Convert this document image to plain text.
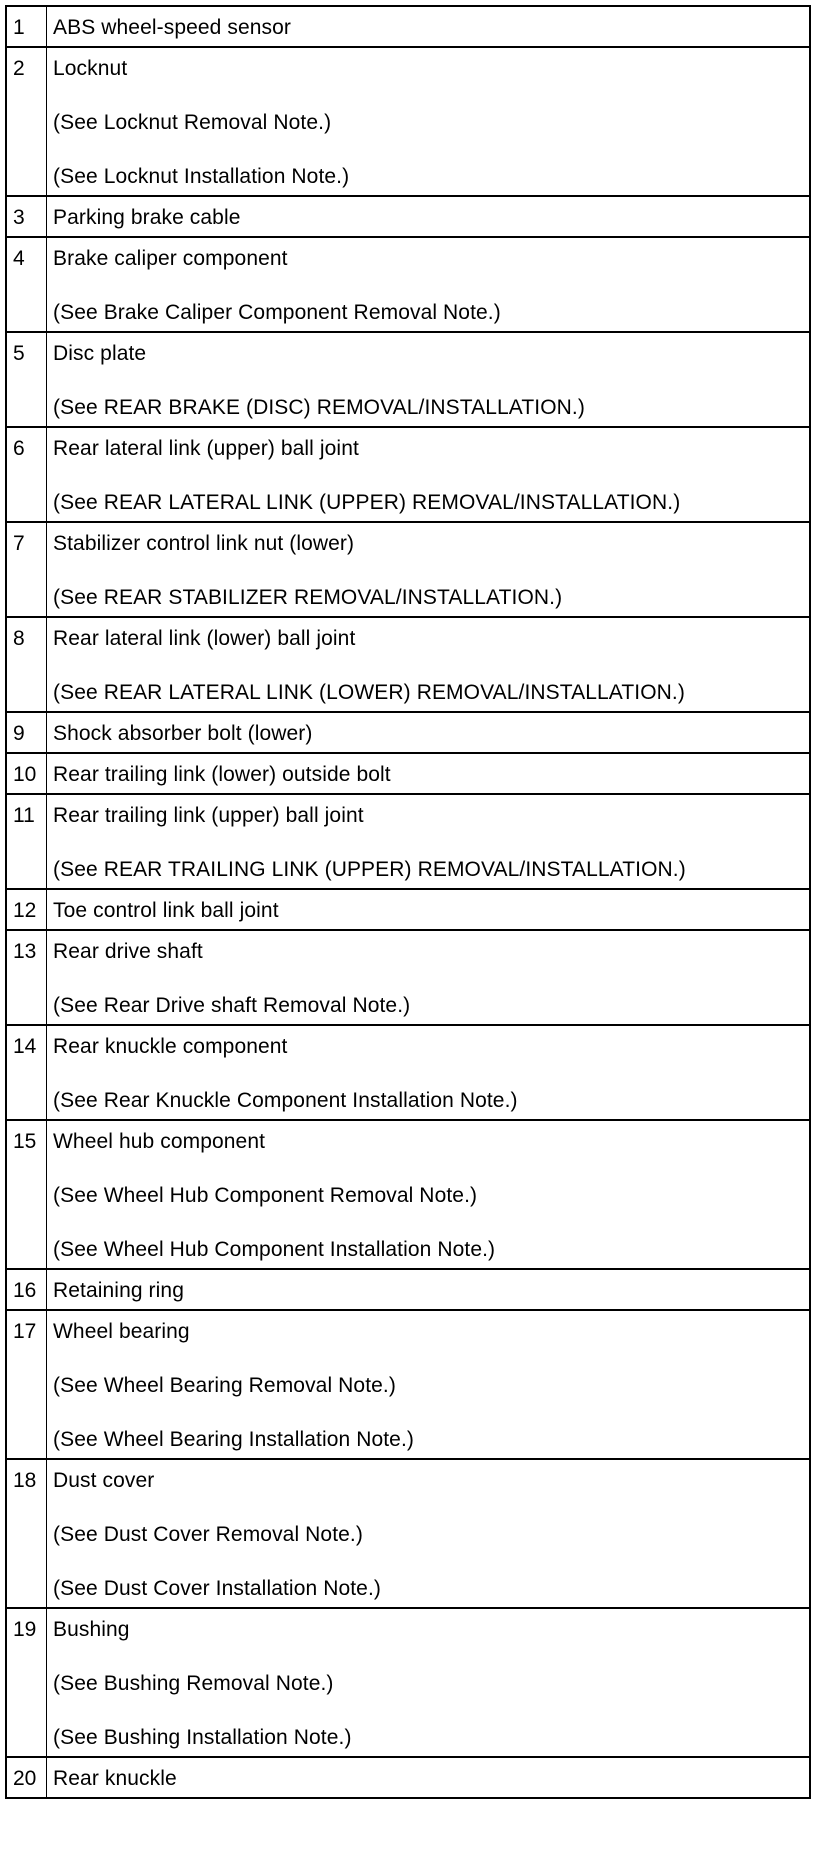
1	ABS wheel-speed sensor
2	Locknut
(See Locknut Removal Note.)
(See Locknut Installation Note.)
3	Parking brake cable
4	Brake caliper component
(See Brake Caliper Component Removal Note.)
5	Disc plate
(See REAR BRAKE (DISC) REMOVAL/INSTALLATION.)
6	Rear lateral link (upper) ball joint
(See REAR LATERAL LINK (UPPER) REMOVAL/INSTALLATION.)
7	Stabilizer control link nut (lower)
(See REAR STABILIZER REMOVAL/INSTALLATION.)
8	Rear lateral link (lower) ball joint
(See REAR LATERAL LINK (LOWER) REMOVAL/INSTALLATION.)
9	Shock absorber bolt (lower)
10 Rear trailing link (lower) outside bolt
11 Rear trailing link (upper) ball joint
(See REAR TRAILING LINK (UPPER) REMOVAL/INSTALLATION.)
12 Toe control link ball joint
13 Rear drive shaft
(See Rear Drive shaft Removal Note.)
14 Rear knuckle component
(See Rear Knuckle Component Installation Note.)
15 Wheel hub component
(See Wheel Hub Component Removal Note.)
(See Wheel Hub Component Installation Note.)
16 Retaining ring
17 Wheel bearing
(See Wheel Bearing Removal Note.)
(See Wheel Bearing Installation Note.)
18 Dust cover
(See Dust Cover Removal Note.)
(See Dust Cover Installation Note.)
19 Bushing
(See Bushing Removal Note.)
(See Bushing Installation Note.)
20 Rear knuckle
